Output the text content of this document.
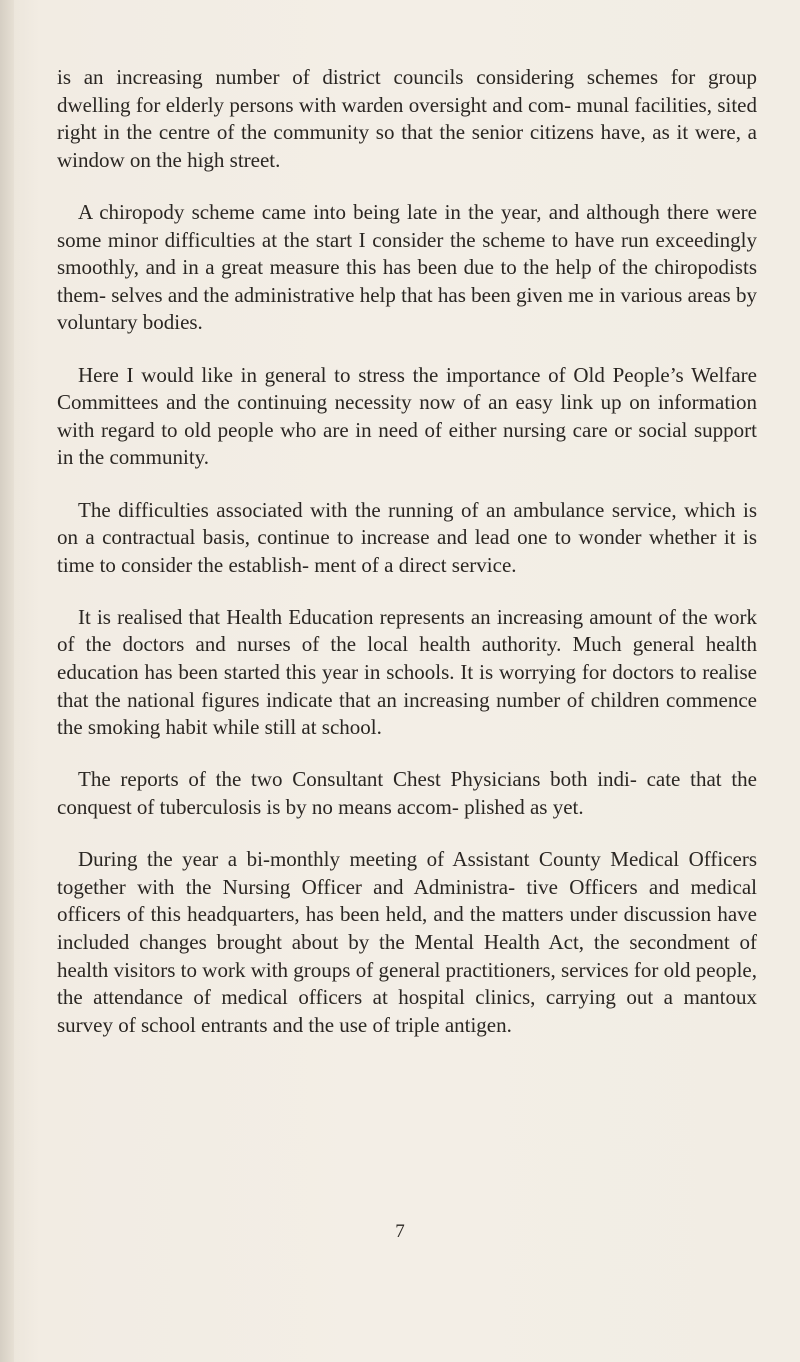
is an increasing number of district councils considering schemes for group dwelling for elderly persons with warden oversight and com- munal facilities, sited right in the centre of the community so that the senior citizens have, as it were, a window on the high street.

A chiropody scheme came into being late in the year, and although there were some minor difficulties at the start I consider the scheme to have run exceedingly smoothly, and in a great measure this has been due to the help of the chiropodists them- selves and the administrative help that has been given me in various areas by voluntary bodies.

Here I would like in general to stress the importance of Old People’s Welfare Committees and the continuing necessity now of an easy link up on information with regard to old people who are in need of either nursing care or social support in the community.

The difficulties associated with the running of an ambulance service, which is on a contractual basis, continue to increase and lead one to wonder whether it is time to consider the establish- ment of a direct service.

It is realised that Health Education represents an increasing amount of the work of the doctors and nurses of the local health authority. Much general health education has been started this year in schools. It is worrying for doctors to realise that the national figures indicate that an increasing number of children commence the smoking habit while still at school.

The reports of the two Consultant Chest Physicians both indi- cate that the conquest of tuberculosis is by no means accom- plished as yet.

During the year a bi-monthly meeting of Assistant County Medical Officers together with the Nursing Officer and Administra- tive Officers and medical officers of this headquarters, has been held, and the matters under discussion have included changes brought about by the Mental Health Act, the secondment of health visitors to work with groups of general practitioners, services for old people, the attendance of medical officers at hospital clinics, carrying out a mantoux survey of school entrants and the use of triple antigen.

7
